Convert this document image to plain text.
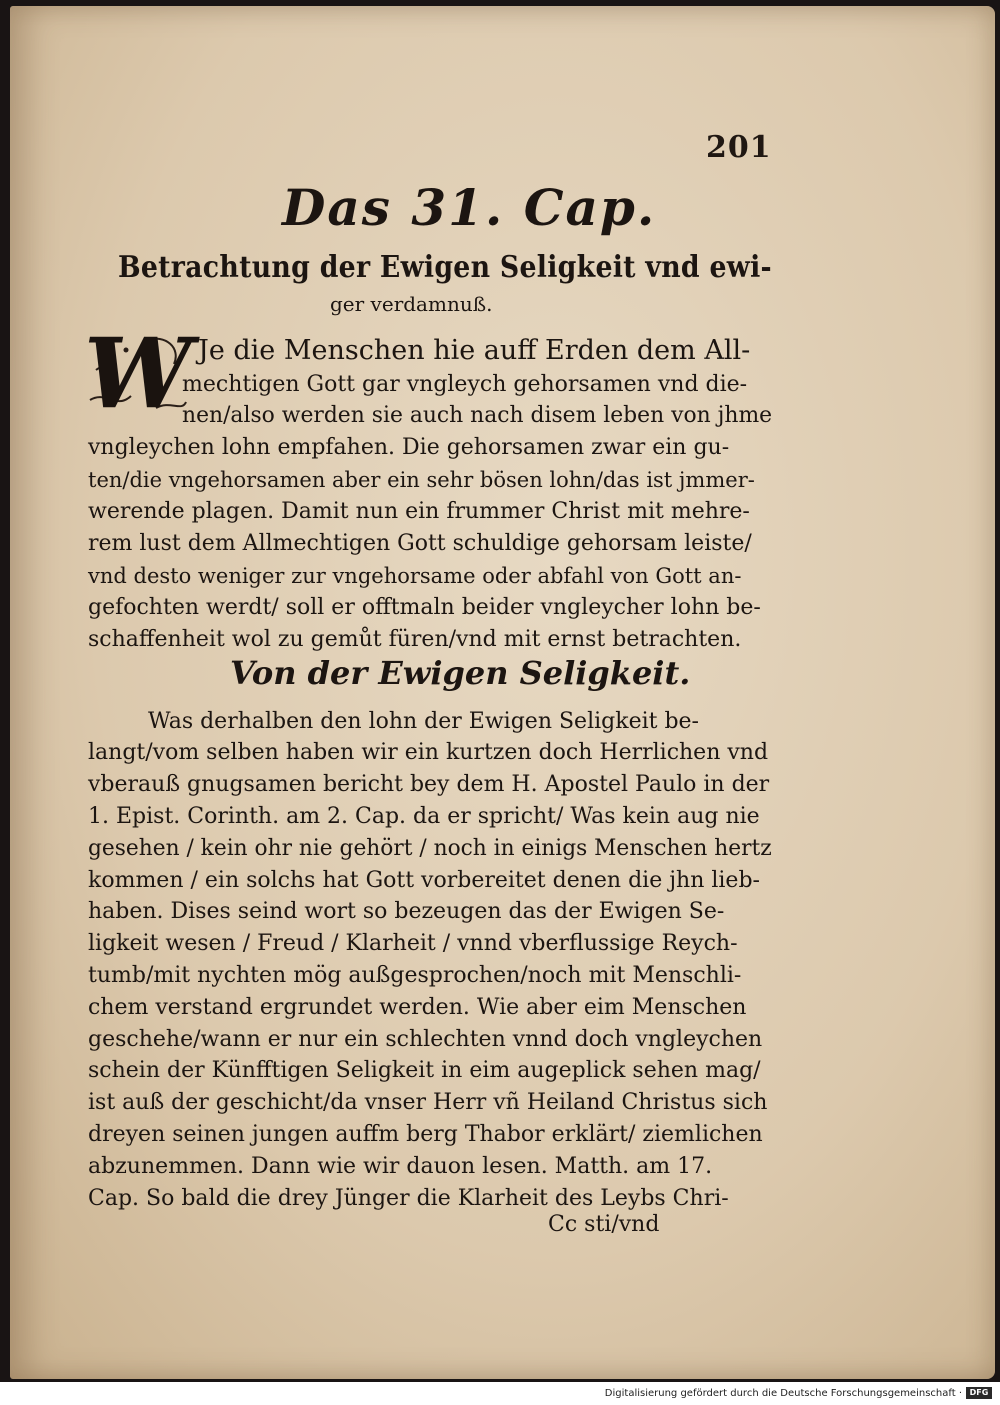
201
Das 31. Cap.
Betrachtung der Ewigen Seligkeit vnd ewi-
ger verdamnuß.
W Je die Menschen hie auff Erden dem All-
mechtigen Gott gar vngleych gehorsamen vnd die-
nen/also werden sie auch nach disem leben von jhme
vngleychen lohn empfahen. Die gehorsamen zwar ein gu-
ten/die vngehorsamen aber ein sehr bösen lohn/das ist jmmer-
werende plagen. Damit nun ein frummer Christ mit mehre-
rem lust dem Allmechtigen Gott schuldige gehorsam leiste/
vnd desto weniger zur vngehorsame oder abfahl von Gott an-
gefochten werdt/ soll er offtmaln beider vngleycher lohn be-
schaffenheit wol zu gemůt füren/vnd mit ernst betrachten.
Von der Ewigen Seligkeit.
Was derhalben den lohn der Ewigen Seligkeit be-
langt/vom selben haben wir ein kurtzen doch Herrlichen vnd
vberauß gnugsamen bericht bey dem H. Apostel Paulo in der
1. Epist. Corinth. am 2. Cap. da er spricht/ Was kein aug nie
gesehen / kein ohr nie gehört / noch in einigs Menschen hertz
kommen / ein solchs hat Gott vorbereitet denen die jhn lieb-
haben. Dises seind wort so bezeugen das der Ewigen Se-
ligkeit wesen / Freud / Klarheit / vnnd vberflussige Reych-
tumb/mit nychten mög außgesprochen/noch mit Menschli-
chem verstand ergrundet werden. Wie aber eim Menschen
geschehe/wann er nur ein schlechten vnnd doch vngleychen
schein der Künfftigen Seligkeit in eim augeplick sehen mag/
ist auß der geschicht/da vnser Herr vñ Heiland Christus sich
dreyen seinen jungen auffm berg Thabor erklärt/ ziemlichen
abzunemmen. Dann wie wir dauon lesen. Matth. am 17.
Cap. So bald die drey Jünger die Klarheit des Leybs Chri-
Cc sti/vnd
Digitalisierung gefördert durch die Deutsche Forschungsgemeinschaft · DFG
